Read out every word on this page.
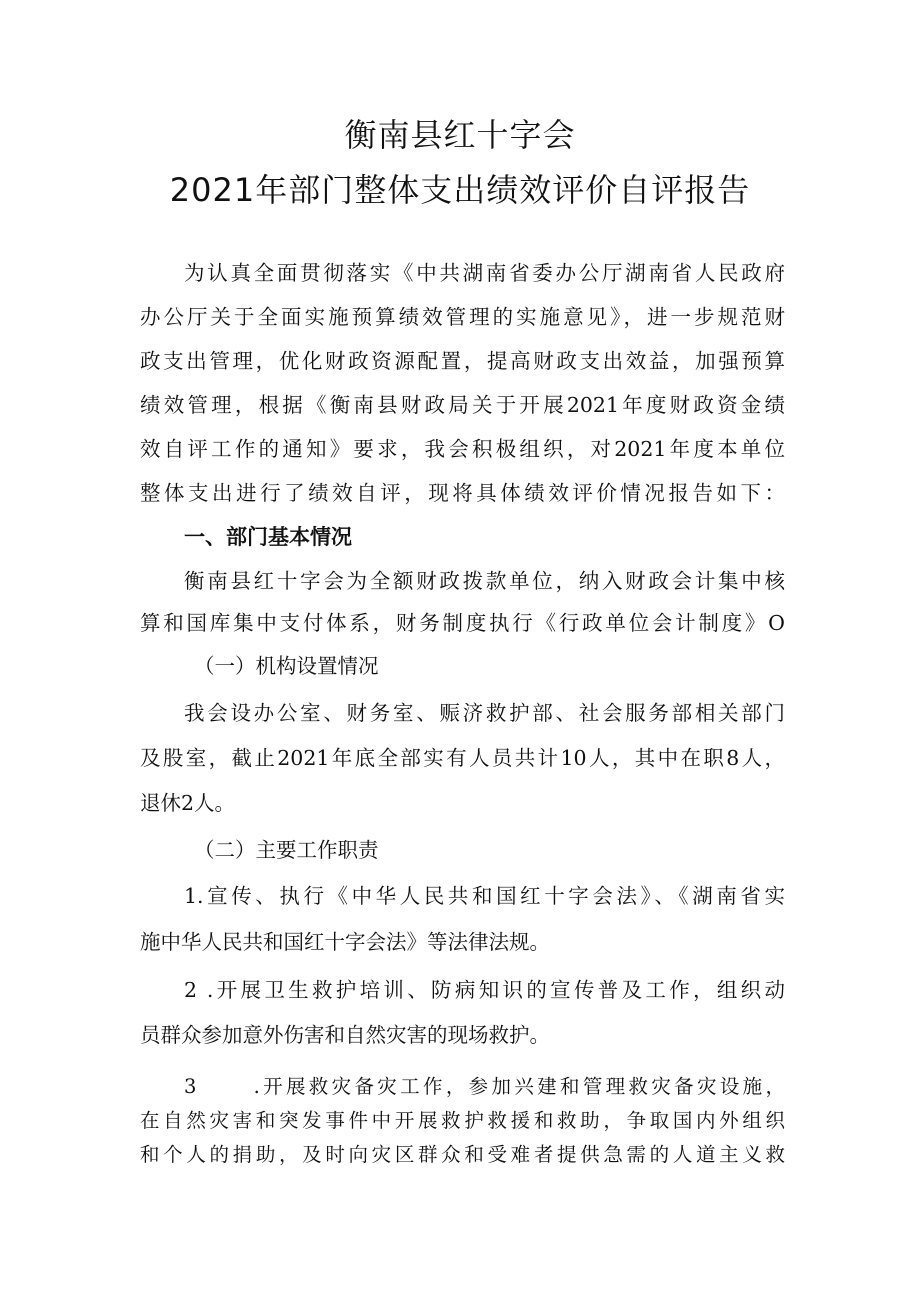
衡南县红十字会
2021年部门整体支出绩效评价自评报告
为认真全面贯彻落实《中共湖南省委办公厅湖南省人民政府
办公厅关于全面实施预算绩效管理的实施意见》，进一步规范财
政支出管理，优化财政资源配置，提高财政支出效益，加强预算
绩效管理，根据《衡南县财政局关于开展2021年度财政资金绩
效自评工作的通知》要求，我会积极组织，对2021年度本单位
整体支出进行了绩效自评，现将具体绩效评价情况报告如下：
一、部门基本情况
衡南县红十字会为全额财政拨款单位，纳入财政会计集中核
算和国库集中支付体系，财务制度执行《行政单位会计制度》O
（一）机构设置情况
我会设办公室、财务室、赈济救护部、社会服务部相关部门
及股室，截止2021年底全部实有人员共计10人，其中在职8人，
退休2人。
（二）主要工作职责
1.宣传、执行《中华人民共和国红十字会法》、《湖南省实
施中华人民共和国红十字会法》等法律法规。
2 .开展卫生救护培训、防病知识的宣传普及工作，组织动
员群众参加意外伤害和自然灾害的现场救护。
3      .开展救灾备灾工作，参加兴建和管理救灾备灾设施，
在自然灾害和突发事件中开展救护救援和救助，争取国内外组织
和个人的捐助，及时向灾区群众和受难者提供急需的人道主义救
